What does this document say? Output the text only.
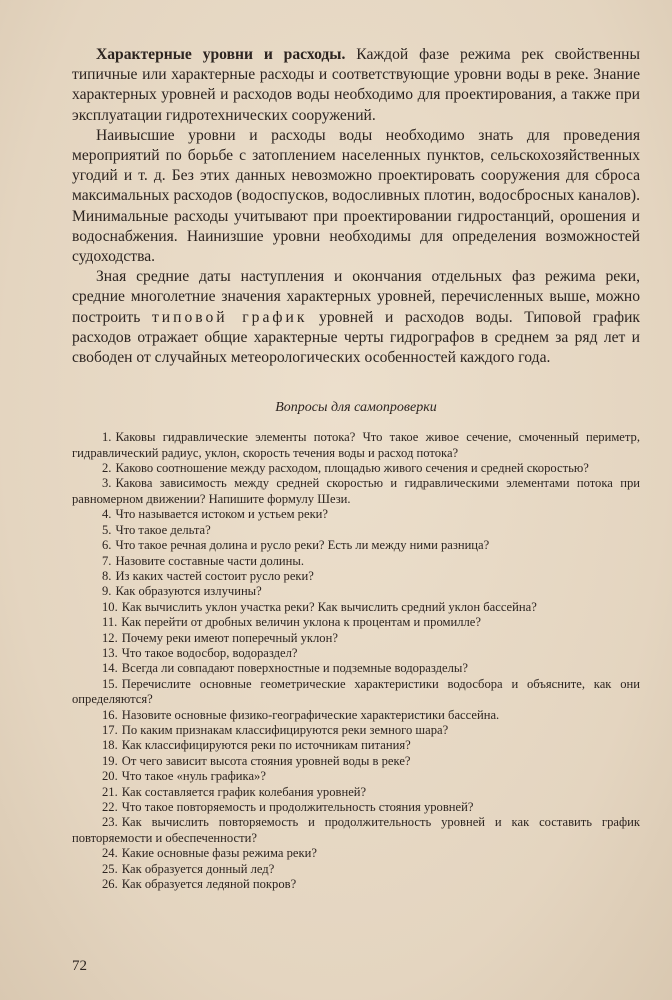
Характерные уровни и расходы. Каждой фазе режима рек свойственны типичные или характерные расходы и соответствующие уровни воды в реке. Знание характерных уровней и расходов воды необходимо для проектирования, а также при эксплуатации гидротехнических сооружений.

Наивысшие уровни и расходы воды необходимо знать для проведения мероприятий по борьбе с затоплением населенных пунктов, сельскохозяйственных угодий и т. д. Без этих данных невозможно проектировать сооружения для сброса максимальных расходов (водоспусков, водосливных плотин, водосбросных каналов). Минимальные расходы учитывают при проектировании гидростанций, орошения и водоснабжения. Наинизшие уровни необходимы для определения возможностей судоходства.

Зная средние даты наступления и окончания отдельных фаз режима реки, средние многолетние значения характерных уровней, перечисленных выше, можно построить типовой график уровней и расходов воды. Типовой график расходов отражает общие характерные черты гидрографов в среднем за ряд лет и свободен от случайных метеорологических особенностей каждого года.

Вопросы для самопроверки
1. Каковы гидравлические элементы потока? Что такое живое сечение, смоченный периметр, гидравлический радиус, уклон, скорость течения воды и расход потока?
2. Каково соотношение между расходом, площадью живого сечения и средней скоростью?
3. Какова зависимость между средней скоростью и гидравлическими элементами потока при равномерном движении? Напишите формулу Шези.
4. Что называется истоком и устьем реки?
5. Что такое дельта?
6. Что такое речная долина и русло реки? Есть ли между ними разница?
7. Назовите составные части долины.
8. Из каких частей состоит русло реки?
9. Как образуются излучины?
10. Как вычислить уклон участка реки? Как вычислить средний уклон бассейна?
11. Как перейти от дробных величин уклона к процентам и промилле?
12. Почему реки имеют поперечный уклон?
13. Что такое водосбор, водораздел?
14. Всегда ли совпадают поверхностные и подземные водоразделы?
15. Перечислите основные геометрические характеристики водосбора и объясните, как они определяются?
16. Назовите основные физико-географические характеристики бассейна.
17. По каким признакам классифицируются реки земного шара?
18. Как классифицируются реки по источникам питания?
19. От чего зависит высота стояния уровней воды в реке?
20. Что такое «нуль графика»?
21. Как составляется график колебания уровней?
22. Что такое повторяемость и продолжительность стояния уровней?
23. Как вычислить повторяемость и продолжительность уровней и как составить график повторяемости и обеспеченности?
24. Какие основные фазы режима реки?
25. Как образуется донный лед?
26. Как образуется ледяной покров?
72
